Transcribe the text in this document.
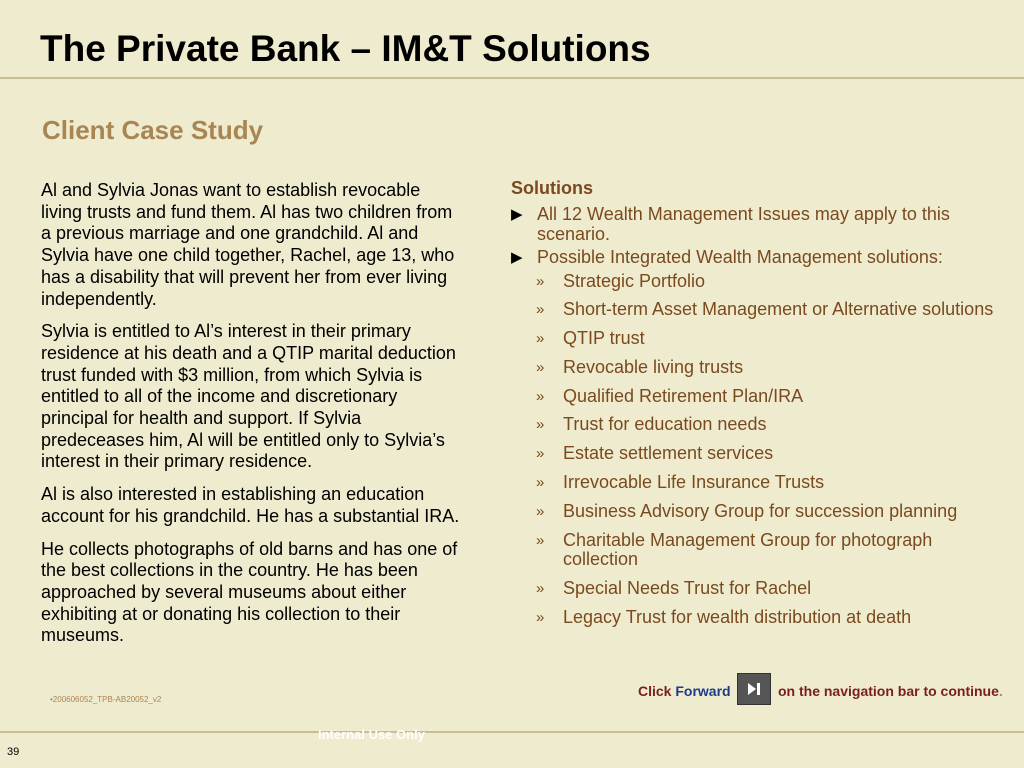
The Private Bank – IM&T Solutions
Client Case Study

Al and Sylvia Jonas want to establish revocable living trusts and fund them. Al has two children from a previous marriage and one grandchild. Al and Sylvia have one child together, Rachel, age 13, who has a disability that will prevent her from ever living independently.

Sylvia is entitled to Al’s interest in their primary residence at his death and a QTIP marital deduction trust funded with $3 million, from which Sylvia is entitled to all of the income and discretionary principal for health and support. If Sylvia predeceases him, Al will be entitled only to Sylvia’s interest in their primary residence.

Al is also interested in establishing an education account for his grandchild. He has a substantial IRA.

He collects photographs of old barns and has one of the best collections in the country. He has been approached by several museums about either exhibiting at or donating his collection to their museums.

Solutions
▶ All 12 Wealth Management Issues may apply to this scenario.
▶ Possible Integrated Wealth Management solutions:
» Strategic Portfolio
» Short-term Asset Management or Alternative solutions
» QTIP trust
» Revocable living trusts
» Qualified Retirement Plan/IRA
» Trust for education needs
» Estate settlement services
» Irrevocable Life Insurance Trusts
» Business Advisory Group for succession planning
» Charitable Management Group for photograph collection
» Special Needs Trust for Rachel
» Legacy Trust for wealth distribution at death
•200606052_TPB-AB20052_v2
Click Forward	on the navigation bar to continue.
Internal Use Only
39
